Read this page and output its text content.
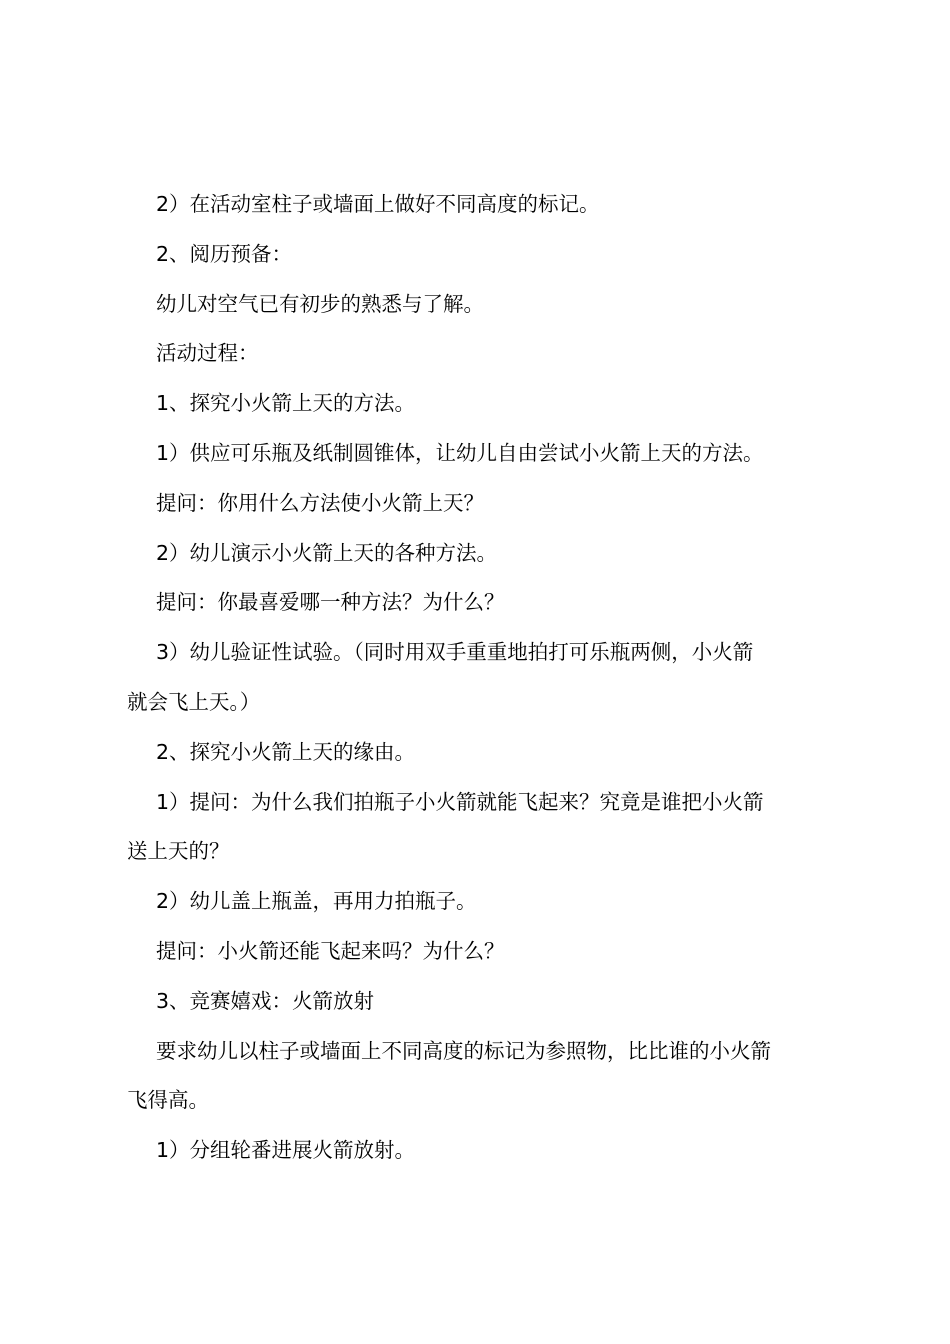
2）在活动室柱子或墙面上做好不同高度的标记。
2、阅历预备：
幼儿对空气已有初步的熟悉与了解。
活动过程：
1、探究小火箭上天的方法。
1）供应可乐瓶及纸制圆锥体，让幼儿自由尝试小火箭上天的方法。
提问：你用什么方法使小火箭上天？
2）幼儿演示小火箭上天的各种方法。
提问：你最喜爱哪一种方法？为什么？
3）幼儿验证性试验。（同时用双手重重地拍打可乐瓶两侧，小火箭
就会飞上天。）
2、探究小火箭上天的缘由。
1）提问：为什么我们拍瓶子小火箭就能飞起来？究竟是谁把小火箭
送上天的？
2）幼儿盖上瓶盖，再用力拍瓶子。
提问：小火箭还能飞起来吗？为什么？
3、竞赛嬉戏：火箭放射
要求幼儿以柱子或墙面上不同高度的标记为参照物，比比谁的小火箭
飞得高。
1）分组轮番进展火箭放射。
